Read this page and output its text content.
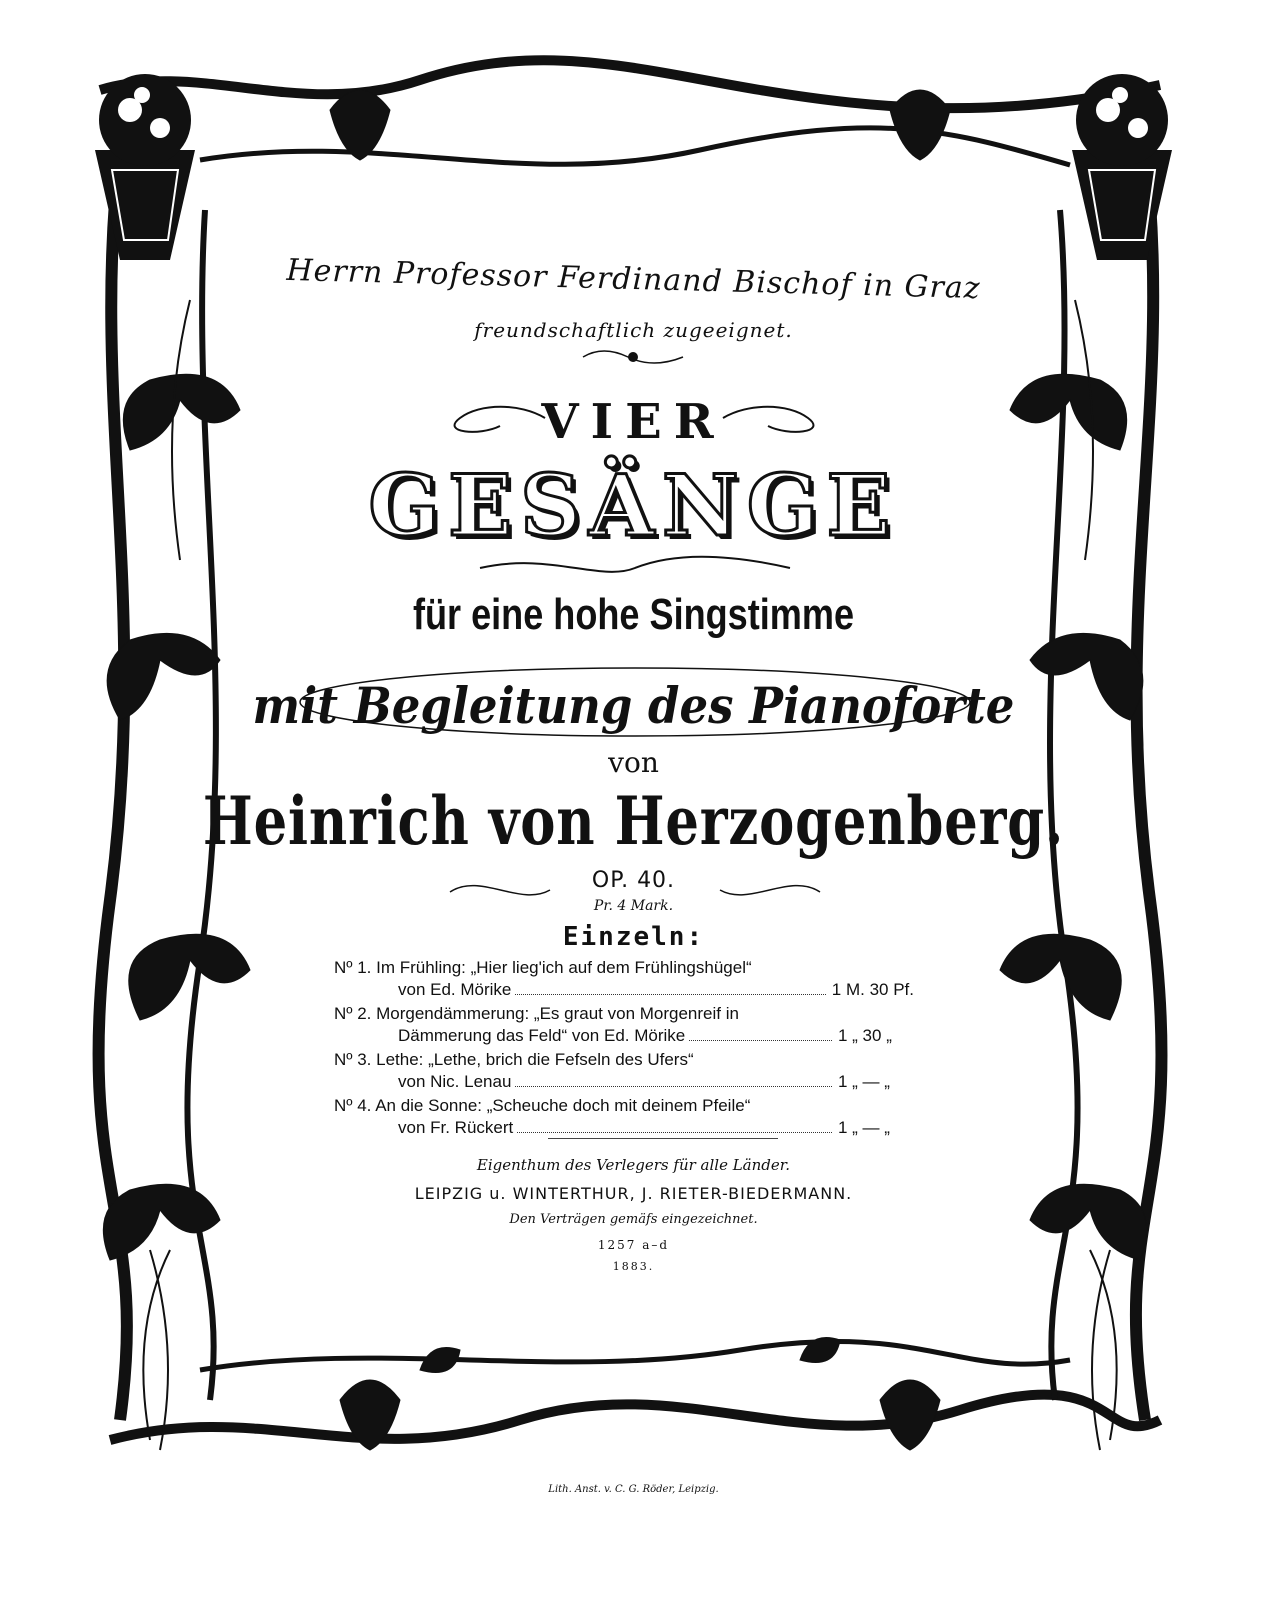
Herrn Professor Ferdinand Bischof in Graz
freundschaftlich zugeeignet.
VIER
GESÄNGE
für eine hohe Singstimme
mit Begleitung des Pianoforte
von
Heinrich von Herzogenberg.
OP. 40.
Pr. 4 Mark.
Einzeln:
Nº 1. Im Frühling: „Hier lieg'ich auf dem Frühlingshügel“
von Ed. Mörike	1 M. 30 Pf.
Nº 2. Morgendämmerung: „Es graut von Morgenreif in
Dämmerung das Feld“ von Ed. Mörike	1 „ 30 „
Nº 3. Lethe: „Lethe, brich die Fefseln des Ufers“
von Nic. Lenau	1 „ — „
Nº 4. An die Sonne: „Scheuche doch mit deinem Pfeile“
von Fr. Rückert	1 „ — „
Eigenthum des Verlegers für alle Länder.
LEIPZIG u. WINTERTHUR, J. RIETER-BIEDERMANN.
Den Verträgen gemäfs eingezeichnet.
1257 a–d
1883.
Lith. Anst. v. C. G. Röder, Leipzig.
